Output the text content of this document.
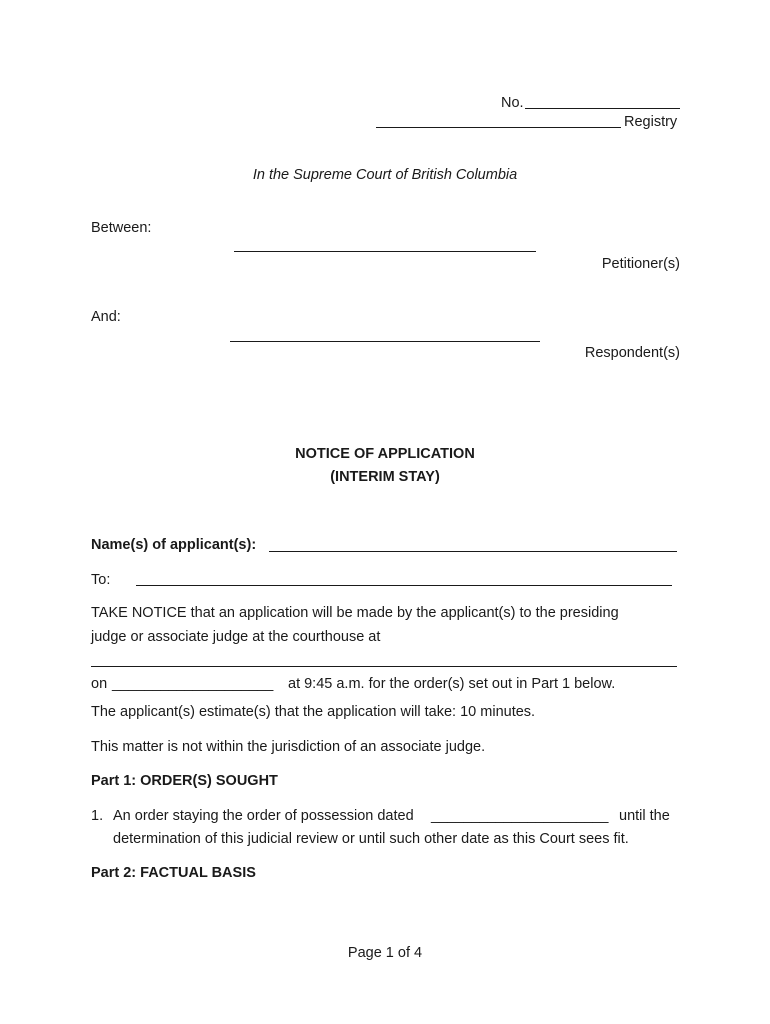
No.
Registry
In the Supreme Court of British Columbia
Between:
Petitioner(s)
And:
Respondent(s)
NOTICE OF APPLICATION
(INTERIM STAY)
Name(s) of applicant(s):
To:
TAKE NOTICE that an application will be made by the applicant(s) to the presiding
judge or associate judge at the courthouse at
on ____________________ at 9:45 a.m. for the order(s) set out in Part 1 below.
The applicant(s) estimate(s) that the application will take: 10 minutes.
This matter is not within the jurisdiction of an associate judge.
Part 1: ORDER(S) SOUGHT
1. An order staying the order of possession dated ______________________ until the
determination of this judicial review or until such other date as this Court sees fit.
Part 2: FACTUAL BASIS
Page 1 of 4
